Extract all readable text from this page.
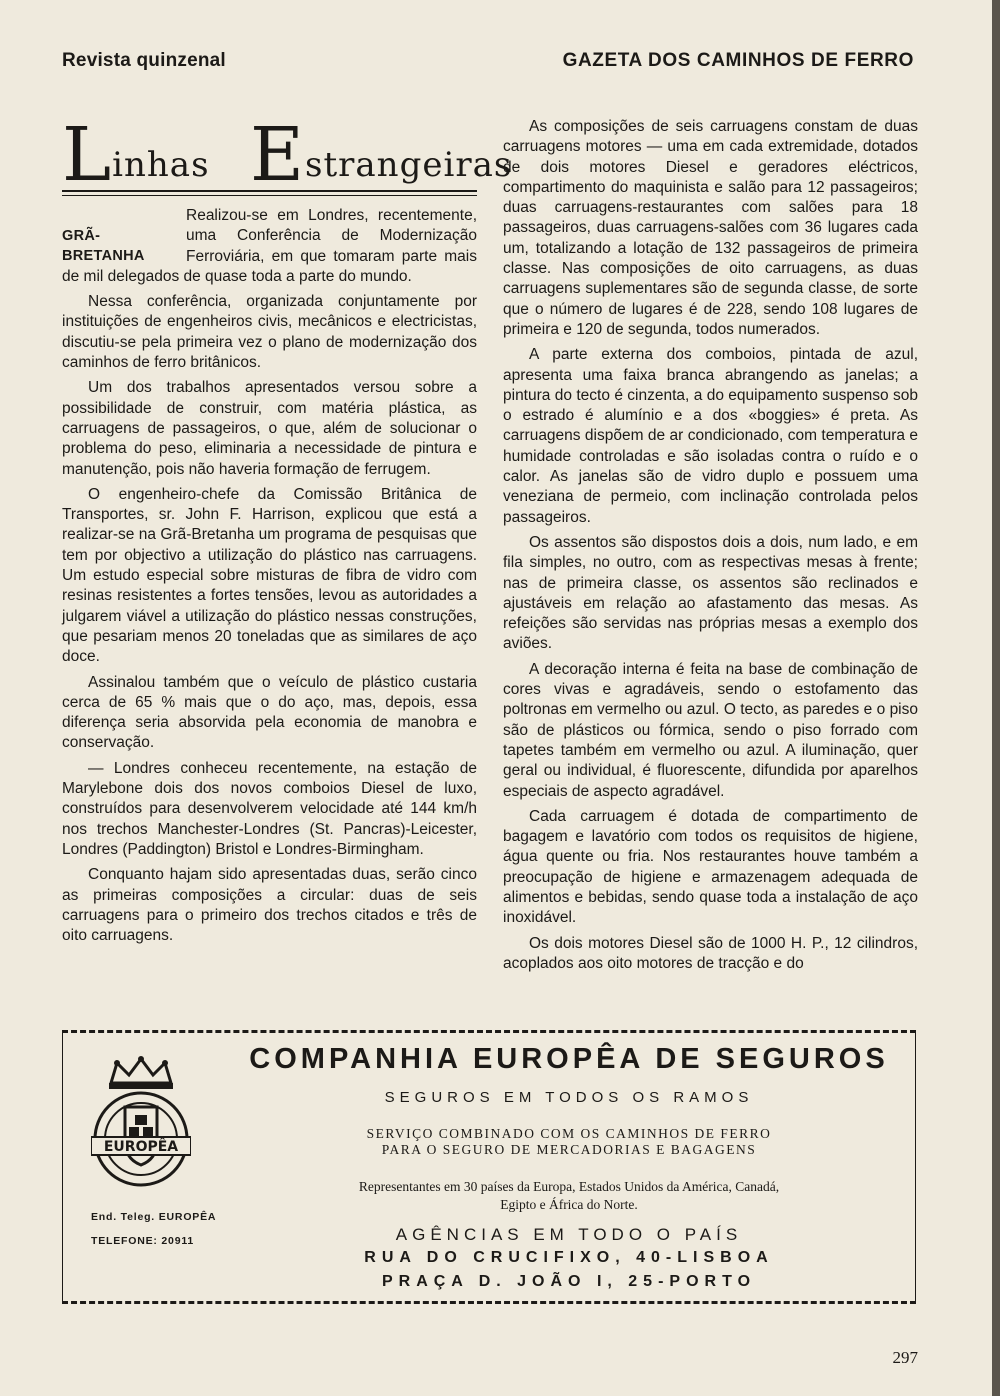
Revista quinzenal	GAZETA DOS CAMINHOS DE FERRO
Linhas Estrangeiras
GRÃ-BRETANHA

Realizou-se em Londres, recentemente, uma Conferência de Modernização Ferroviária, em que tomaram parte mais de mil delegados de quase toda a parte do mundo.

Nessa conferência, organizada conjuntamente por instituições de engenheiros civis, mecânicos e electricistas, discutiu-se pela primeira vez o plano de modernização dos caminhos de ferro britânicos.

Um dos trabalhos apresentados versou sobre a possibilidade de construir, com matéria plástica, as carruagens de passageiros, o que, além de solucionar o problema do peso, eliminaria a necessidade de pintura e manutenção, pois não haveria formação de ferrugem.

O engenheiro-chefe da Comissão Britânica de Transportes, sr. John F. Harrison, explicou que está a realizar-se na Grã-Bretanha um programa de pesquisas que tem por objectivo a utilização do plástico nas carruagens. Um estudo especial sobre misturas de fibra de vidro com resinas resistentes a fortes tensões, levou as autoridades a julgarem viável a utilização do plástico nessas construções, que pesariam menos 20 toneladas que as similares de aço doce.

Assinalou também que o veículo de plástico custaria cerca de 65 % mais que o do aço, mas, depois, essa diferença seria absorvida pela economia de manobra e conservação.

— Londres conheceu recentemente, na estação de Marylebone dois dos novos comboios Diesel de luxo, construídos para desenvolverem velocidade até 144 km/h nos trechos Manchester-Londres (St. Pancras)-Leicester, Londres (Paddington) Bristol e Londres-Birmingham.

Conquanto hajam sido apresentadas duas, serão cinco as primeiras composições a circular: duas de seis carruagens para o primeiro dos trechos citados e três de oito carruagens.

As composições de seis carruagens constam de duas carruagens motores — uma em cada extremidade, dotados de dois motores Diesel e geradores eléctricos, compartimento do maquinista e salão para 12 passageiros; duas carruagens-restaurantes com salões para 18 passageiros, duas carruagens-salões com 36 lugares cada um, totalizando a lotação de 132 passageiros de primeira classe. Nas composições de oito carruagens, as duas carruagens suplementares são de segunda classe, de sorte que o número de lugares é de 228, sendo 108 lugares de primeira e 120 de segunda, todos numerados.

A parte externa dos comboios, pintada de azul, apresenta uma faixa branca abrangendo as janelas; a pintura do tecto é cinzenta, a do equipamento suspenso sob o estrado é alumínio e a dos «boggies» é preta. As carruagens dispõem de ar condicionado, com temperatura e humidade controladas e são isoladas contra o ruído e o calor. As janelas são de vidro duplo e possuem uma veneziana de permeio, com inclinação controlada pelos passageiros.

Os assentos são dispostos dois a dois, num lado, e em fila simples, no outro, com as respectivas mesas à frente; nas de primeira classe, os assentos são reclinados e ajustáveis em relação ao afastamento das mesas. As refeições são servidas nas próprias mesas a exemplo dos aviões.

A decoração interna é feita na base de combinação de cores vivas e agradáveis, sendo o estofamento das poltronas em vermelho ou azul. O tecto, as paredes e o piso são de plásticos ou fórmica, sendo o piso forrado com tapetes também em vermelho ou azul. A iluminação, quer geral ou individual, é fluorescente, difundida por aparelhos especiais de aspecto agradável.

Cada carruagem é dotada de compartimento de bagagem e lavatório com todos os requisitos de higiene, água quente ou fria. Nos restaurantes houve também a preocupação de higiene e armazenagem adequada de alimentos e bebidas, sendo quase toda a instalação de aço inoxidável.

Os dois motores Diesel são de 1000 H. P., 12 cilindros, acoplados aos oito motores de tracção e do

EUROPÊA
End. Teleg. EUROPÊA
TELEFONE: 20911
COMPANHIA EUROPÊA DE SEGUROS
SEGUROS EM TODOS OS RAMOS
SERVIÇO COMBINADO COM OS CAMINHOS DE FERRO
PARA O SEGURO DE MERCADORIAS E BAGAGENS
Representantes em 30 países da Europa, Estados Unidos da América, Canadá,
Egipto e África do Norte.
AGÊNCIAS EM TODO O PAÍS
RUA DO CRUCIFIXO, 40-LISBOA
PRAÇA D. JOÃO I, 25-PORTO
297
